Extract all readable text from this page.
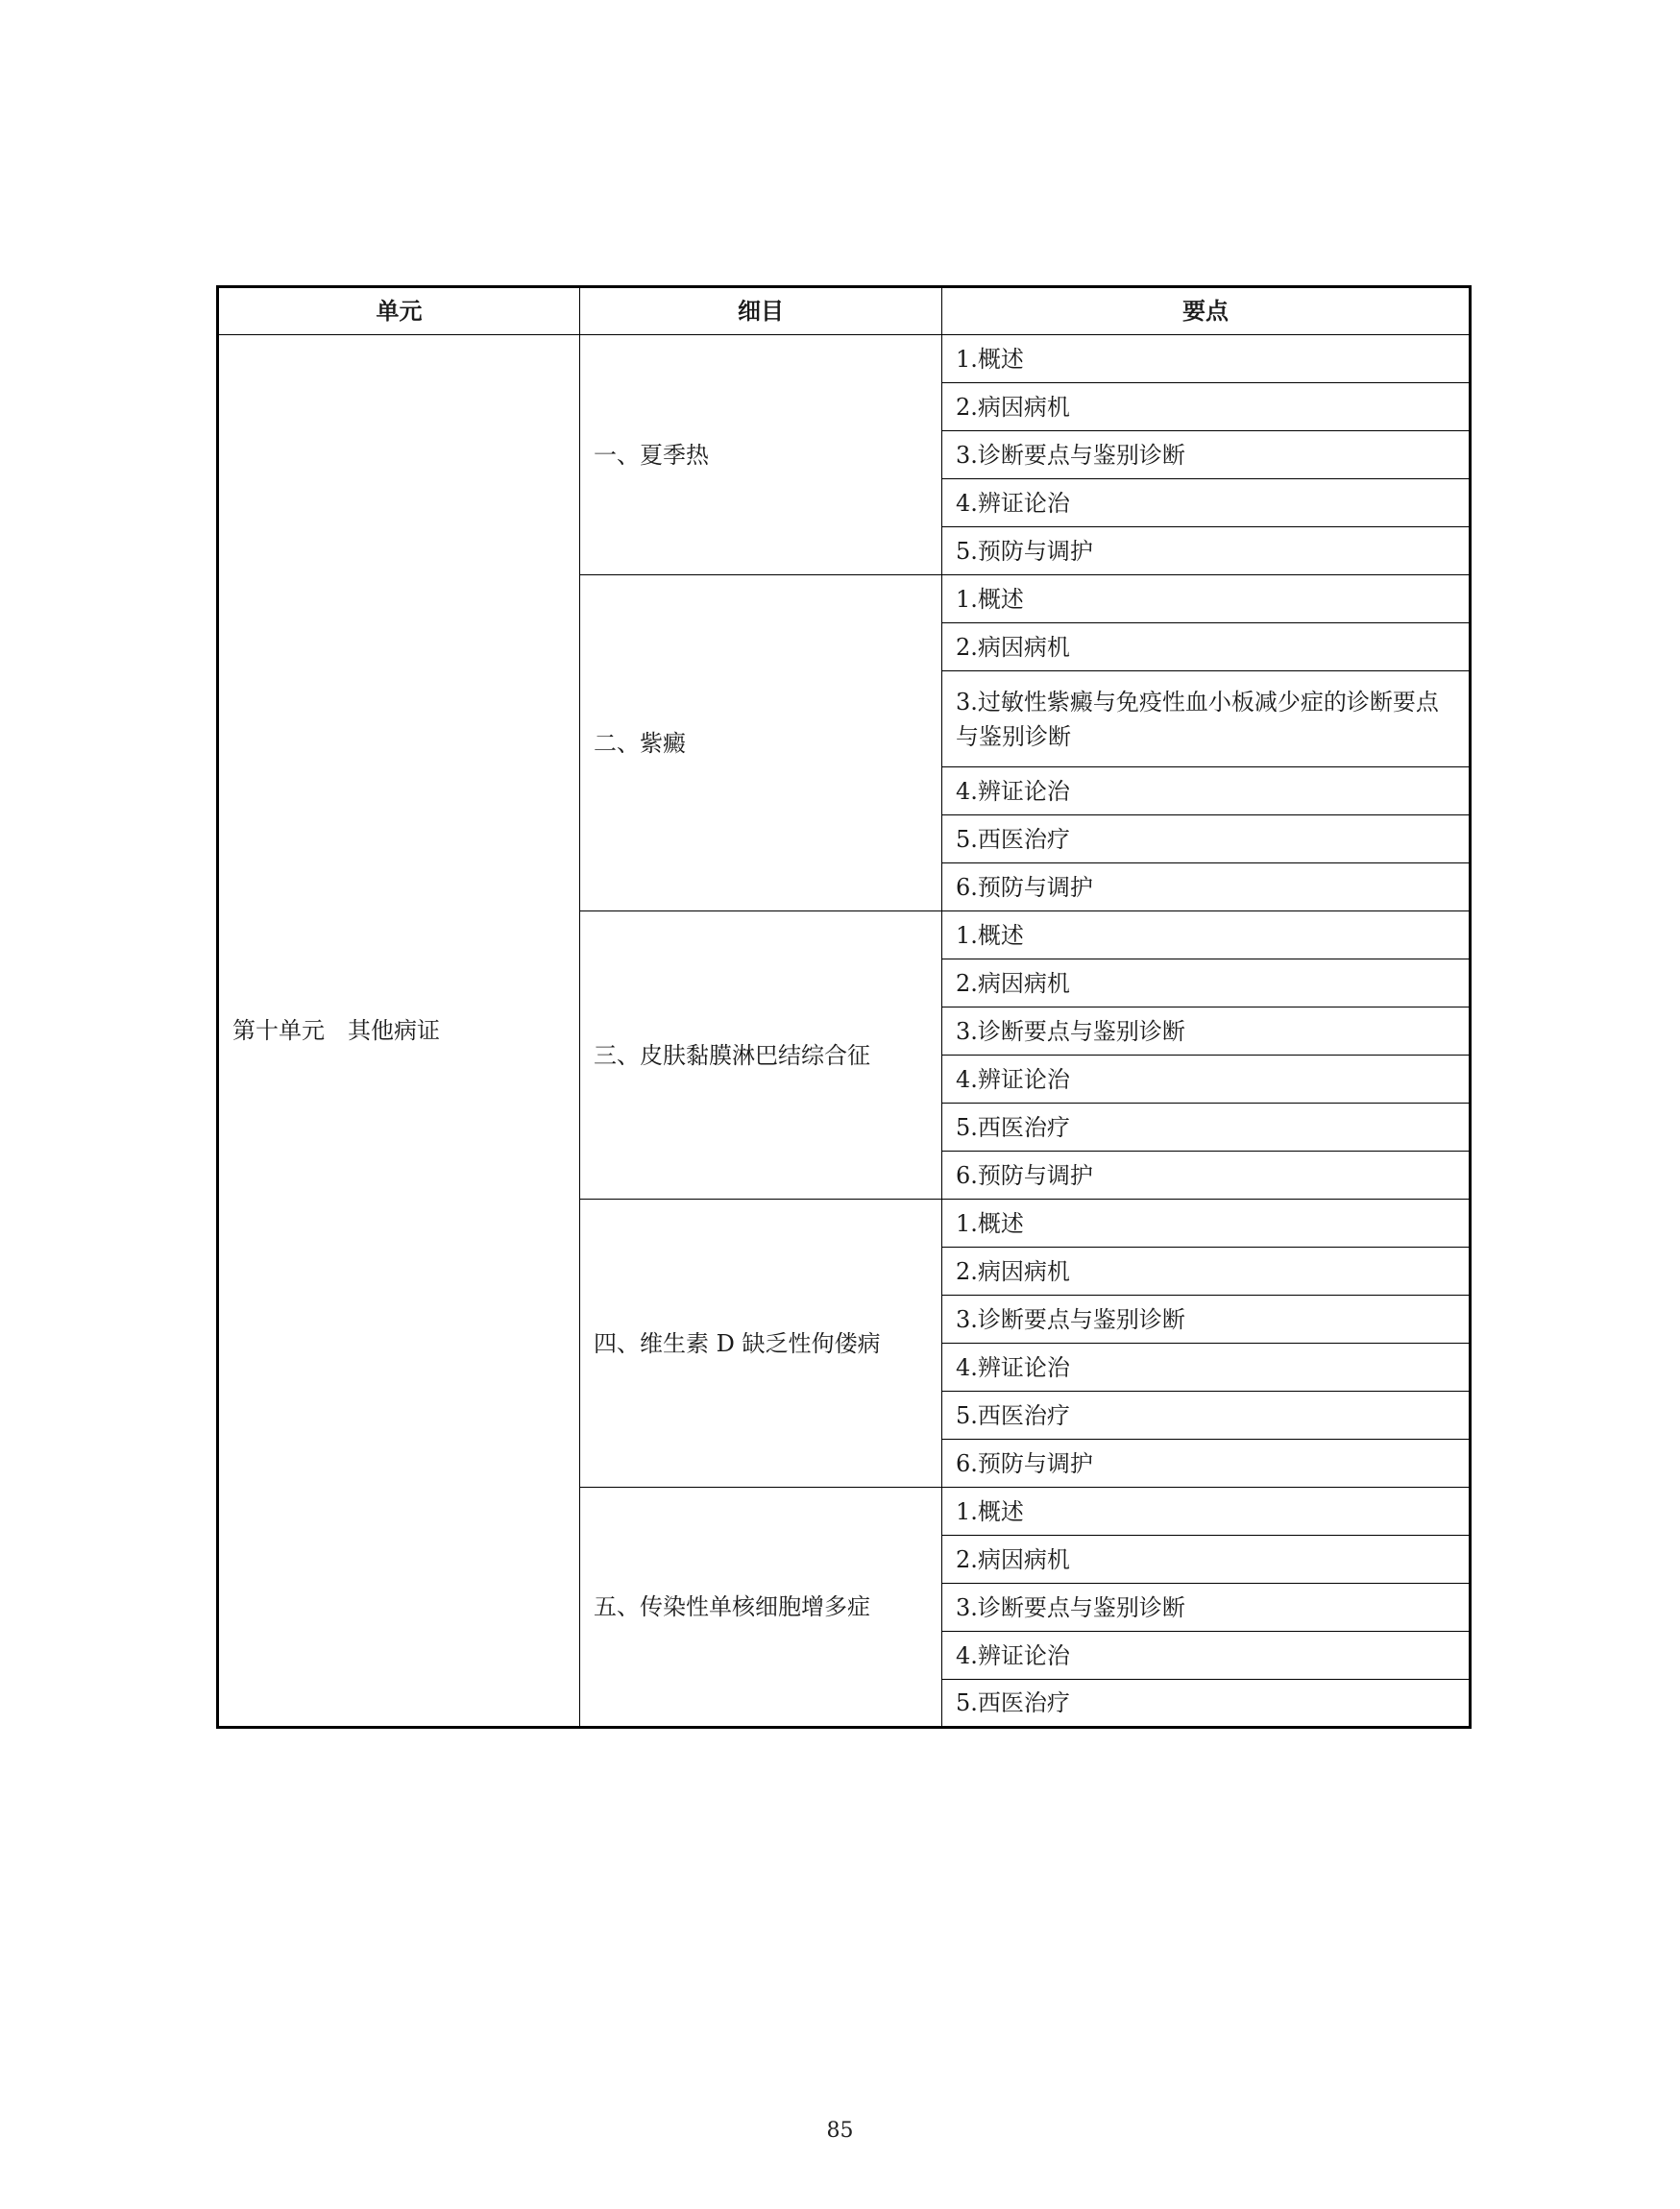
单元	细目	要点
第十单元　其他病证	一、夏季热	1.概述
		2.病因病机
		3.诊断要点与鉴别诊断
		4.辨证论治
		5.预防与调护
	二、紫癜	1.概述
		2.病因病机
		3.过敏性紫癜与免疫性血小板减少症的诊断要点与鉴别诊断
		4.辨证论治
		5.西医治疗
		6.预防与调护
	三、皮肤黏膜淋巴结综合征	1.概述
		2.病因病机
		3.诊断要点与鉴别诊断
		4.辨证论治
		5.西医治疗
		6.预防与调护
	四、维生素 D 缺乏性佝偻病	1.概述
		2.病因病机
		3.诊断要点与鉴别诊断
		4.辨证论治
		5.西医治疗
		6.预防与调护
	五、传染性单核细胞增多症	1.概述
		2.病因病机
		3.诊断要点与鉴别诊断
		4.辨证论治
		5.西医治疗
85
